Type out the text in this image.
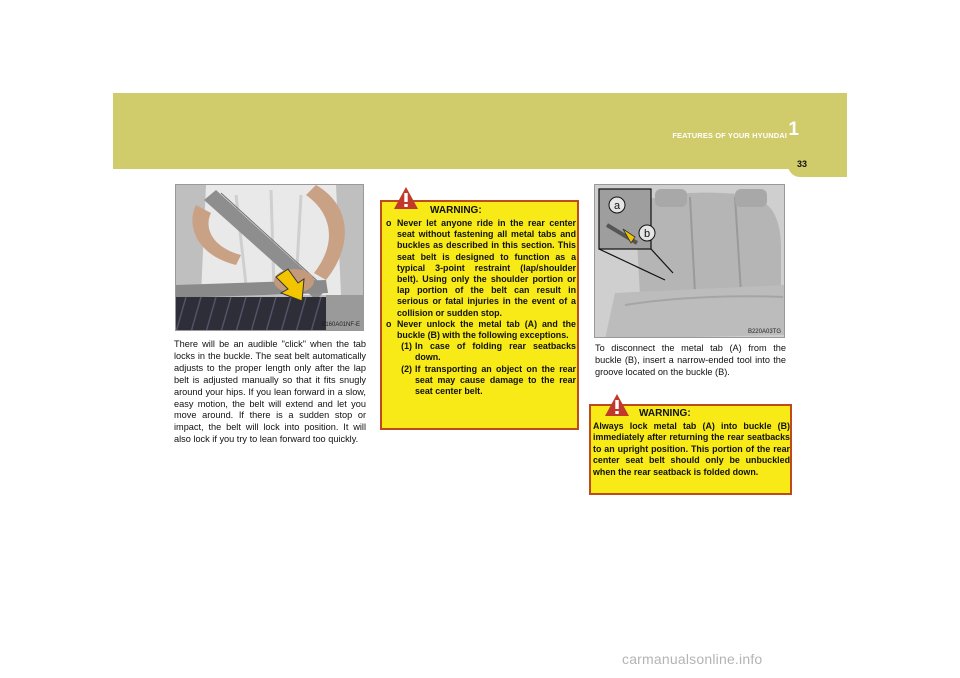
1
FEATURES OF YOUR HYUNDAI
33
B160A01NF-E
There will be an audible "click" when the tab locks in the buckle. The seat belt automatically adjusts to the proper length only after the lap belt is adjusted manually so that it fits snugly around your hips. If you lean forward in a slow, easy motion, the belt will extend and let you move around. If there is a sudden stop or impact, the belt will lock into position. It will also lock if you try to lean forward too quickly.
WARNING:
o Never let anyone ride in the rear center seat without fastening all metal tabs and buckles as described in this section. This seat belt is designed to function as a typical 3-point restraint (lap/shoulder belt). Using only the shoulder portion or lap portion of the belt can result in serious or fatal injuries in the event of a collision or sudden stop.
o Never unlock the metal tab (A) and the buckle (B) with the following exceptions.
(1) In case of folding rear seatbacks down.
(2) If transporting an object on the rear seat may cause damage to the rear seat center belt.
a
b
B220A03TG
To disconnect the metal tab (A) from the buckle (B), insert a narrow-ended tool into the groove located on the buckle (B).
WARNING:
Always lock metal tab (A) into buckle (B) immediately after returning the rear seatbacks to an upright position. This portion of the rear center seat belt should only be unbuckled when the rear seatback is folded down.
carmanualsonline.info
